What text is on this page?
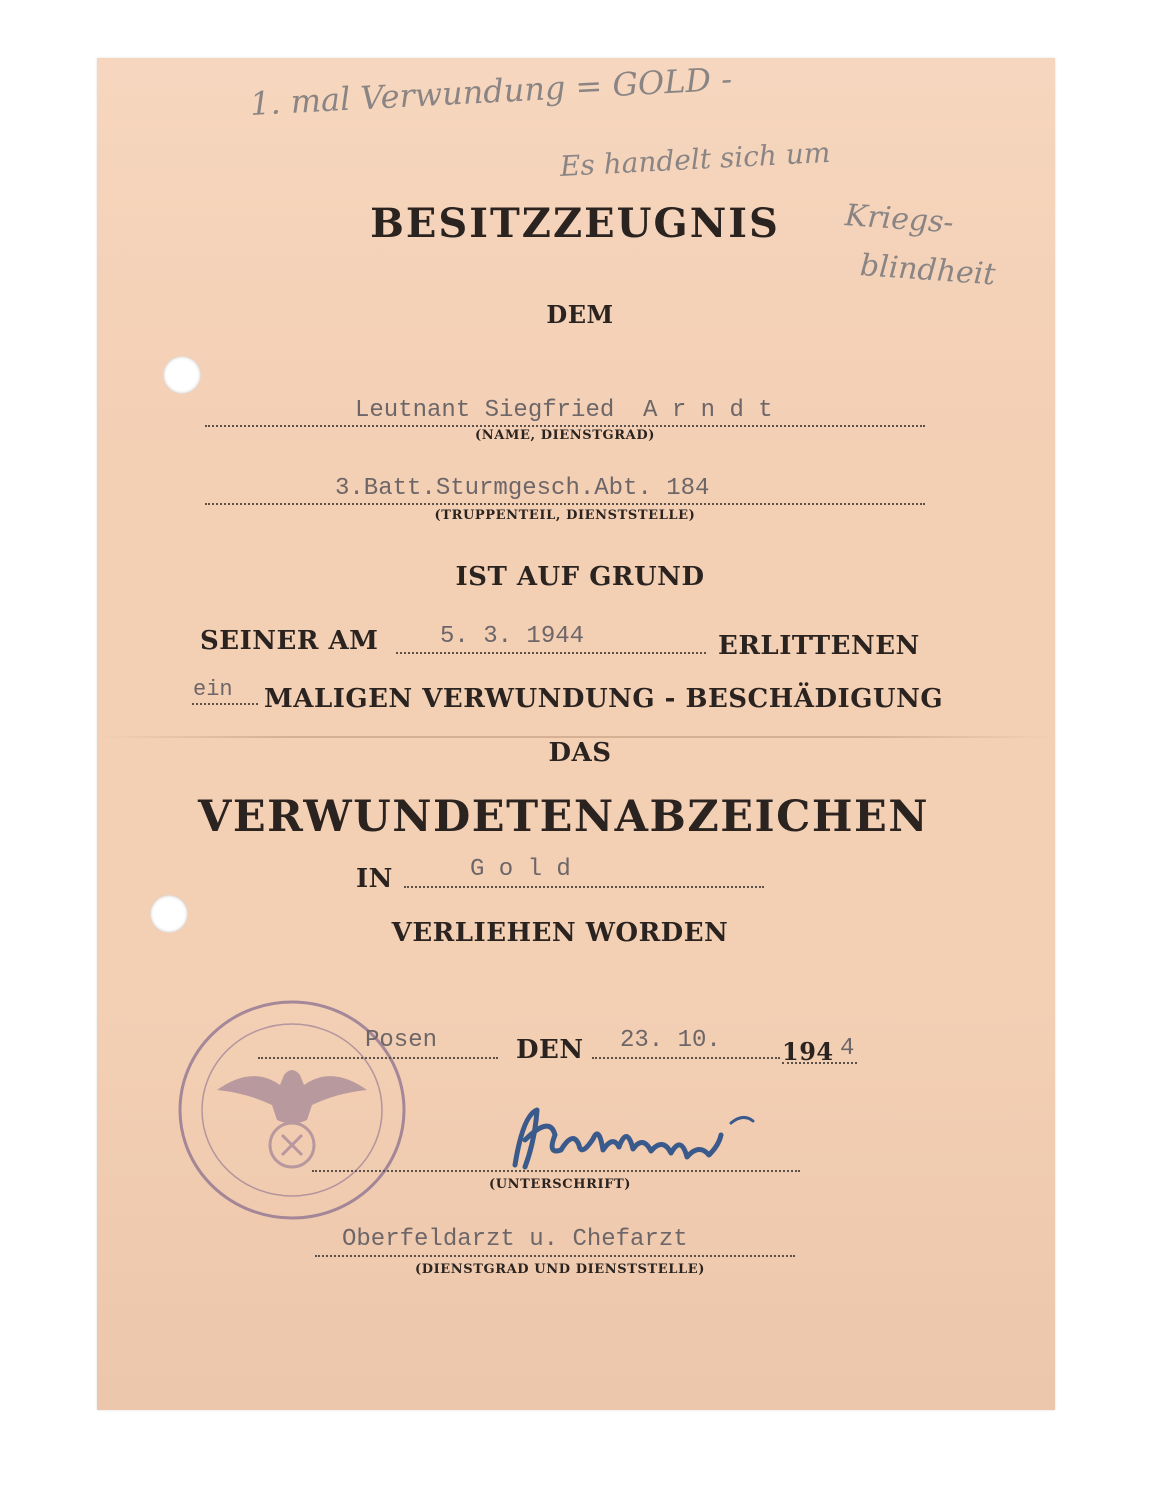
1. mal Verwundung = GOLD -
Es handelt sich um
Kriegs-
blindheit
BESITZZEUGNIS
DEM
Leutnant Siegfried  A r n d t
(NAME, DIENSTGRAD)
3.Batt.Sturmgesch.Abt. 184
(TRUPPENTEIL, DIENSTSTELLE)
IST AUF GRUND
SEINER AM	5. 3. 1944	ERLITTENEN
ein MALIGEN VERWUNDUNG - BESCHÄDIGUNG
DAS
VERWUNDETENABZEICHEN
IN	G o l d
VERLIEHEN WORDEN
Posen	DEN 23. 10.	194 4
(UNTERSCHRIFT)
Oberfeldarzt u. Chefarzt
(DIENSTGRAD UND DIENSTSTELLE)
